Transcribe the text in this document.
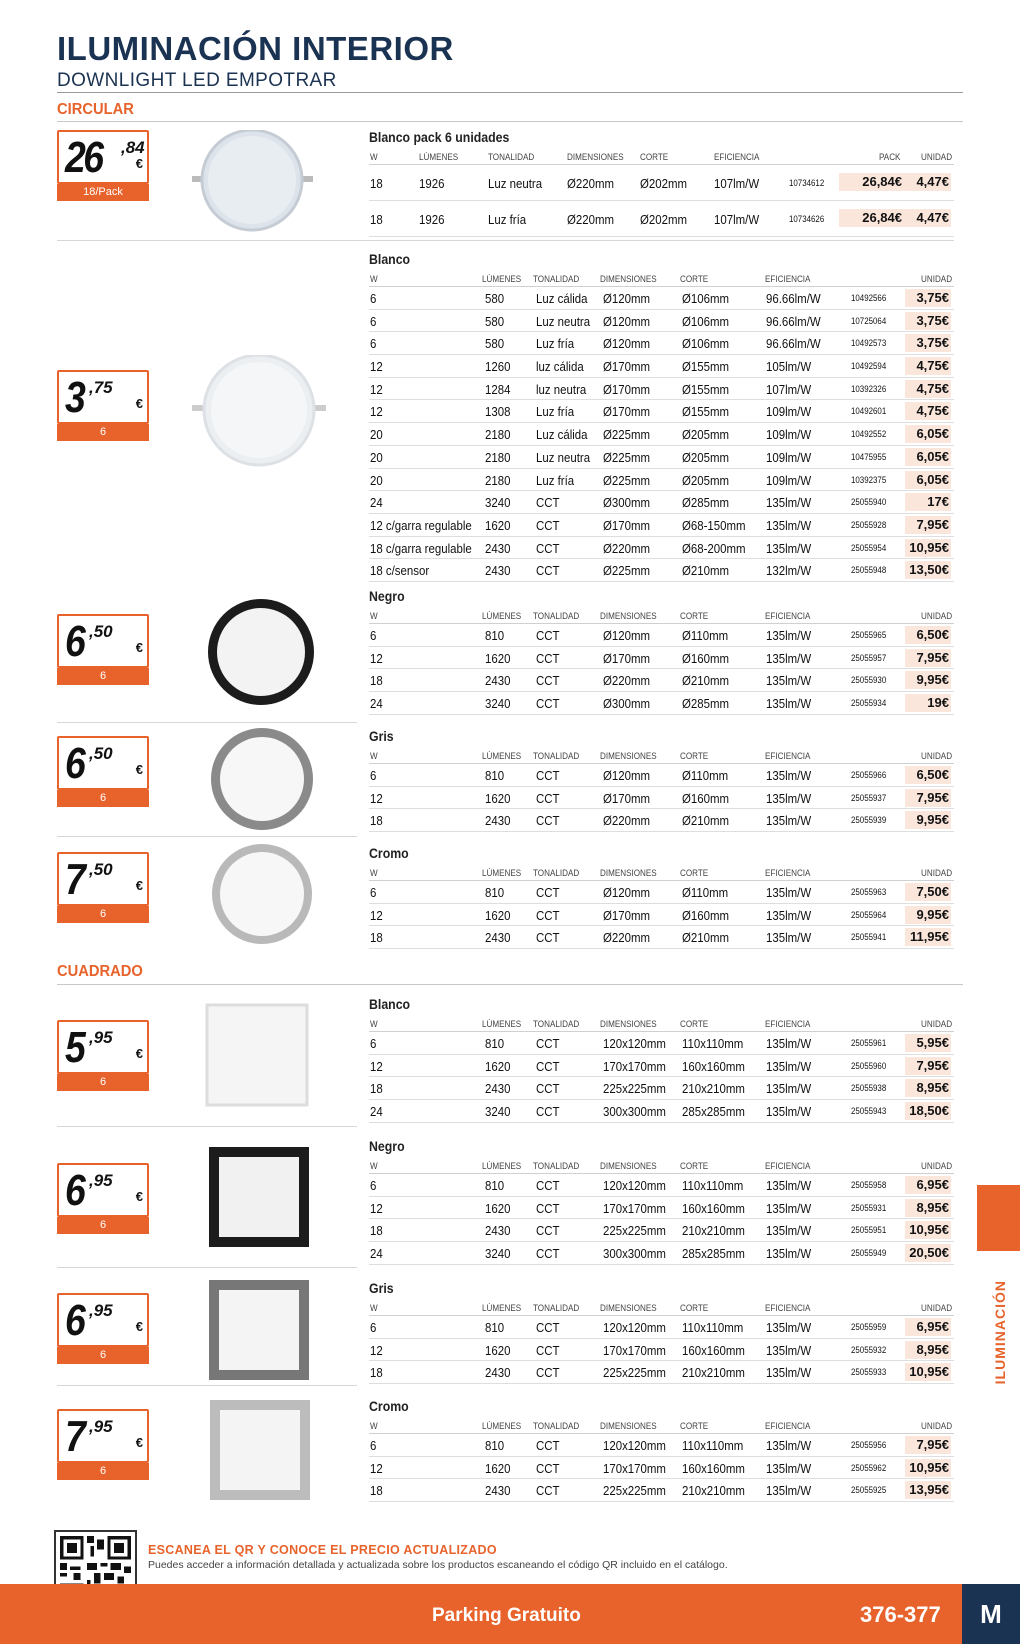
ILUMINACIÓN INTERIOR
DOWNLIGHT LED EMPOTRAR
CIRCULAR
CUADRADO
26 ,84
€
18/Pack
3 ,75
€
6
6 ,50
€
6
6 ,50
€
6
7 ,50
€
6
5 ,95
€
6
6 ,95
€
6
6 ,95
€
6
7 ,95
€
6
Blanco pack 6 unidades
W	LÚMENES	TONALIDAD	DIMENSIONES CORTE	EFICIENCIA	PACK UNIDAD
18	1926	Luz neutra Ø220mm Ø202mm 107lm/W	10734612	26,84€	4,47€
18	1926	Luz fría	Ø220mm Ø202mm 107lm/W	10734626	26,84€	4,47€
Blanco
W	LÚMENES TONALIDAD DIMENSIONES	CORTE	EFICIENCIA	UNIDAD
6	580 Luz cálida Ø120mm Ø106mm	96.66lm/W	10492566	3,75€
6	580 Luz neutra Ø120mm Ø106mm	96.66lm/W	10725064	3,75€
6	580 Luz fría Ø120mm Ø106mm	96.66lm/W	10492573	3,75€
12	1260 luz cálida Ø170mm Ø155mm	105lm/W	10492594	4,75€
12	1284 luz neutra Ø170mm Ø155mm	107lm/W	10392326	4,75€
12	1308 Luz fría Ø170mm Ø155mm	109lm/W	10492601	4,75€
20	2180 Luz cálida Ø225mm Ø205mm	109lm/W	10492552	6,05€
20	2180 Luz neutra Ø225mm Ø205mm	109lm/W	10475955	6,05€
20	2180 Luz fría Ø225mm Ø205mm	109lm/W	10392375	6,05€
24	3240 CCT	Ø300mm Ø285mm	135lm/W	25055940	17€
12 c/garra regulable 1620 CCT	Ø170mm Ø68-150mm 135lm/W	25055928	7,95€
18 c/garra regulable 2430 CCT	Ø220mm Ø68-200mm 135lm/W	25055954	10,95€
18 c/sensor	2430 CCT	Ø225mm Ø210mm	132lm/W	25055948	13,50€
Negro
W	LÚMENES TONALIDAD DIMENSIONES	CORTE	EFICIENCIA	UNIDAD
6	810 CCT	Ø120mm Ø110mm	135lm/W	25055965	6,50€
12	1620 CCT	Ø170mm Ø160mm	135lm/W	25055957	7,95€
18	2430 CCT	Ø220mm Ø210mm	135lm/W	25055930	9,95€
24	3240 CCT	Ø300mm Ø285mm	135lm/W	25055934	19€
Gris
W	LÚMENES TONALIDAD DIMENSIONES	CORTE	EFICIENCIA	UNIDAD
6	810 CCT	Ø120mm Ø110mm	135lm/W	25055966	6,50€
12	1620 CCT	Ø170mm Ø160mm	135lm/W	25055937	7,95€
18	2430 CCT	Ø220mm Ø210mm	135lm/W	25055939	9,95€
Cromo
W	LÚMENES TONALIDAD DIMENSIONES	CORTE	EFICIENCIA	UNIDAD
6	810 CCT	Ø120mm Ø110mm	135lm/W	25055963	7,50€
12	1620 CCT	Ø170mm Ø160mm	135lm/W	25055964	9,95€
18	2430 CCT	Ø220mm Ø210mm	135lm/W	25055941	11,95€
Blanco
W	LÚMENES TONALIDAD DIMENSIONES	CORTE	EFICIENCIA	UNIDAD
6	810 CCT	120x120mm 110x110mm 135lm/W	25055961	5,95€
12	1620 CCT	170x170mm 160x160mm 135lm/W	25055960	7,95€
18	2430 CCT	225x225mm 210x210mm 135lm/W	25055938	8,95€
24	3240 CCT	300x300mm 285x285mm 135lm/W	25055943	18,50€
Negro
W	LÚMENES TONALIDAD DIMENSIONES	CORTE	EFICIENCIA	UNIDAD
6	810 CCT	120x120mm 110x110mm 135lm/W	25055958	6,95€
12	1620 CCT	170x170mm 160x160mm 135lm/W	25055931	8,95€
18	2430 CCT	225x225mm 210x210mm 135lm/W	25055951	10,95€
24	3240 CCT	300x300mm 285x285mm 135lm/W	25055949	20,50€
Gris
W	LÚMENES TONALIDAD DIMENSIONES	CORTE	EFICIENCIA	UNIDAD
6	810 CCT	120x120mm 110x110mm 135lm/W	25055959	6,95€
12	1620 CCT	170x170mm 160x160mm 135lm/W	25055932	8,95€
18	2430 CCT	225x225mm 210x210mm 135lm/W	25055933	10,95€
Cromo
W	LÚMENES TONALIDAD DIMENSIONES	CORTE	EFICIENCIA	UNIDAD
6	810 CCT	120x120mm 110x110mm 135lm/W	25055956	7,95€
12	1620 CCT	170x170mm 160x160mm 135lm/W	25055962	10,95€
18	2430 CCT	225x225mm 210x210mm 135lm/W	25055925	13,95€
ILUMINACIÓN
ESCANEA EL QR Y CONOCE EL PRECIO ACTUALIZADO
Puedes acceder a información detallada y actualizada sobre los productos escaneando el código QR incluido en el catálogo.
Parking Gratuito	376-377	M
